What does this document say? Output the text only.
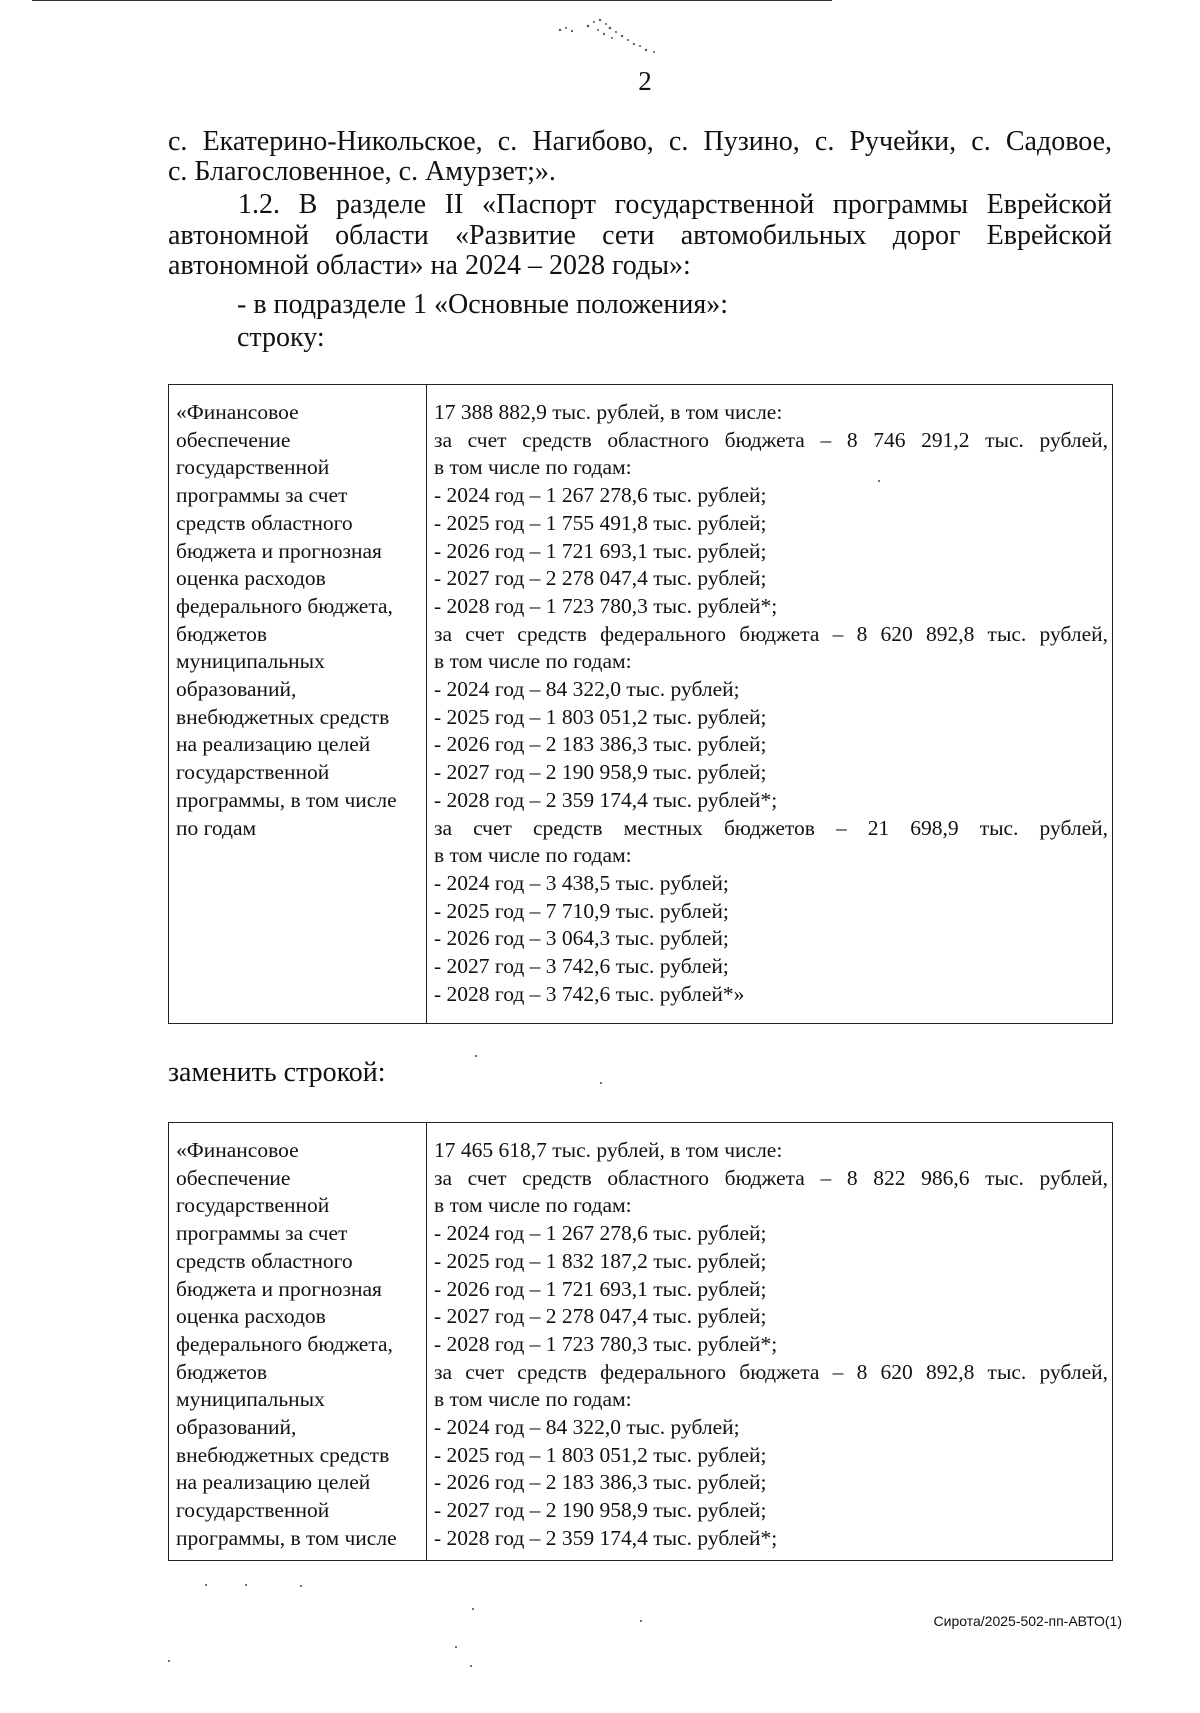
2
с. Екатерино-Никольское, с. Нагибово, с. Пузино, с. Ручейки, с. Садовое,
с. Благословенное, с. Амурзет;».
1.2. В разделе II «Паспорт государственной программы Еврейской
автономной области «Развитие сети автомобильных дорог Еврейской
автономной области» на 2024 – 2028 годы»:
- в подразделе 1 «Основные положения»:
строку:
«Финансовое
обеспечение
государственной
программы за счет
средств областного
бюджета и прогнозная
оценка расходов
федерального бюджета,
бюджетов
муниципальных
образований,
внебюджетных средств
на реализацию целей
государственной
программы, в том числе
по годам
17 388 882,9 тыс. рублей, в том числе:
за счет средств областного бюджета – 8 746 291,2 тыс. рублей,
в том числе по годам:
- 2024 год – 1 267 278,6 тыс. рублей;
- 2025 год – 1 755 491,8 тыс. рублей;
- 2026 год – 1 721 693,1 тыс. рублей;
- 2027 год – 2 278 047,4 тыс. рублей;
- 2028 год – 1 723 780,3 тыс. рублей*;
за счет средств федерального бюджета – 8 620 892,8 тыс. рублей,
в том числе по годам:
- 2024 год – 84 322,0 тыс. рублей;
- 2025 год – 1 803 051,2 тыс. рублей;
- 2026 год – 2 183 386,3 тыс. рублей;
- 2027 год – 2 190 958,9 тыс. рублей;
- 2028 год – 2 359 174,4 тыс. рублей*;
за счет средств местных бюджетов – 21 698,9 тыс. рублей,
в том числе по годам:
- 2024 год – 3 438,5 тыс. рублей;
- 2025 год – 7 710,9 тыс. рублей;
- 2026 год – 3 064,3 тыс. рублей;
- 2027 год – 3 742,6 тыс. рублей;
- 2028 год – 3 742,6 тыс. рублей*»
заменить строкой:
«Финансовое
обеспечение
государственной
программы за счет
средств областного
бюджета и прогнозная
оценка расходов
федерального бюджета,
бюджетов
муниципальных
образований,
внебюджетных средств
на реализацию целей
государственной
программы, в том числе
17 465 618,7 тыс. рублей, в том числе:
за счет средств областного бюджета – 8 822 986,6 тыс. рублей,
в том числе по годам:
- 2024 год – 1 267 278,6 тыс. рублей;
- 2025 год – 1 832 187,2 тыс. рублей;
- 2026 год – 1 721 693,1 тыс. рублей;
- 2027 год – 2 278 047,4 тыс. рублей;
- 2028 год – 1 723 780,3 тыс. рублей*;
за счет средств федерального бюджета – 8 620 892,8 тыс. рублей,
в том числе по годам:
- 2024 год – 84 322,0 тыс. рублей;
- 2025 год – 1 803 051,2 тыс. рублей;
- 2026 год – 2 183 386,3 тыс. рублей;
- 2027 год – 2 190 958,9 тыс. рублей;
- 2028 год – 2 359 174,4 тыс. рублей*;
Сирота/2025-502-пп-АВТО(1)
